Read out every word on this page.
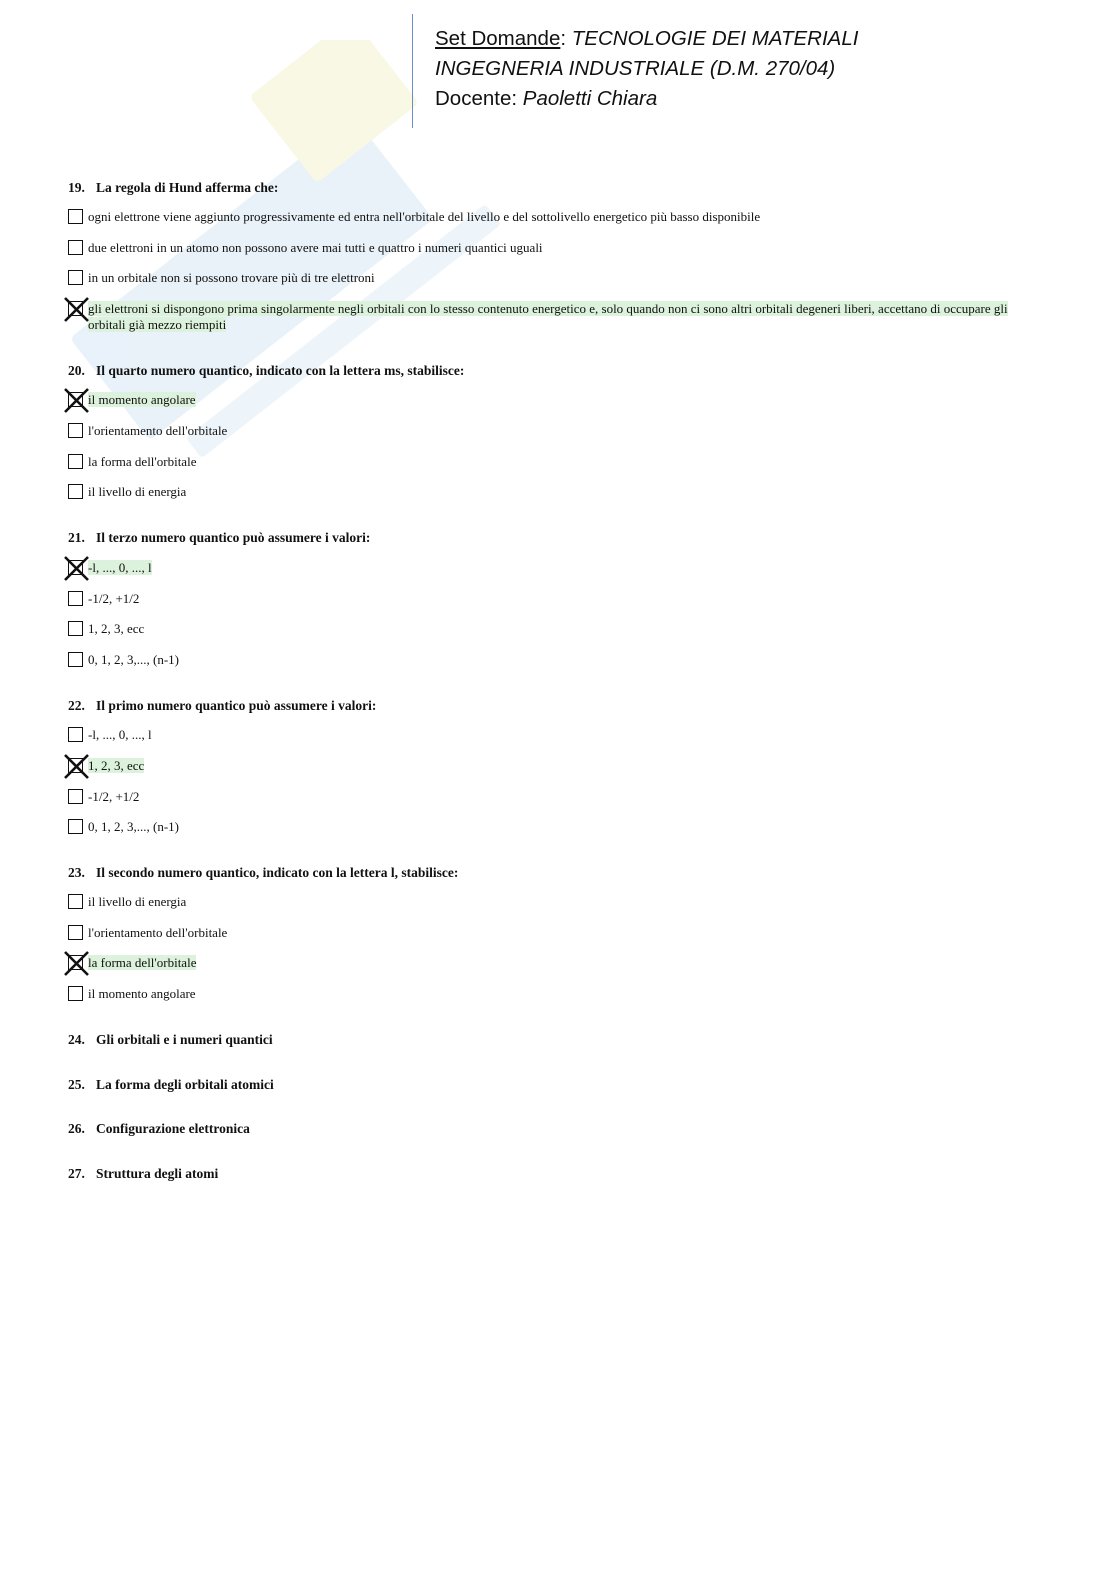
Set Domande: TECNOLOGIE DEI MATERIALI
INGEGNERIA INDUSTRIALE (D.M. 270/04)
Docente: Paoletti Chiara
19. La regola di Hund afferma che:
ogni elettrone viene aggiunto progressivamente ed entra nell'orbitale del livello e del sottolivello energetico più basso disponibile
due elettroni in un atomo non possono avere mai tutti e quattro i numeri quantici uguali
in un orbitale non si possono trovare più di tre elettroni
gli elettroni si dispongono prima singolarmente negli orbitali con lo stesso contenuto energetico e, solo quando non ci sono altri orbitali degeneri liberi, accettano di occupare gli orbitali già mezzo riempiti
20. Il quarto numero quantico, indicato con la lettera ms, stabilisce:
il momento angolare
l'orientamento dell'orbitale
la forma dell'orbitale
il livello di energia
21. Il terzo numero quantico può assumere i valori:
-l, ..., 0, ..., l
-1/2, +1/2
1, 2, 3, ecc
0, 1, 2, 3,..., (n-1)
22. Il primo numero quantico può assumere i valori:
-l, ..., 0, ..., l
1, 2, 3, ecc
-1/2, +1/2
0, 1, 2, 3,..., (n-1)
23. Il secondo numero quantico, indicato con la lettera l, stabilisce:
il livello di energia
l'orientamento dell'orbitale
la forma dell'orbitale
il momento angolare
24. Gli orbitali e i numeri quantici
25. La forma degli orbitali atomici
26. Configurazione elettronica
27. Struttura degli atomi
